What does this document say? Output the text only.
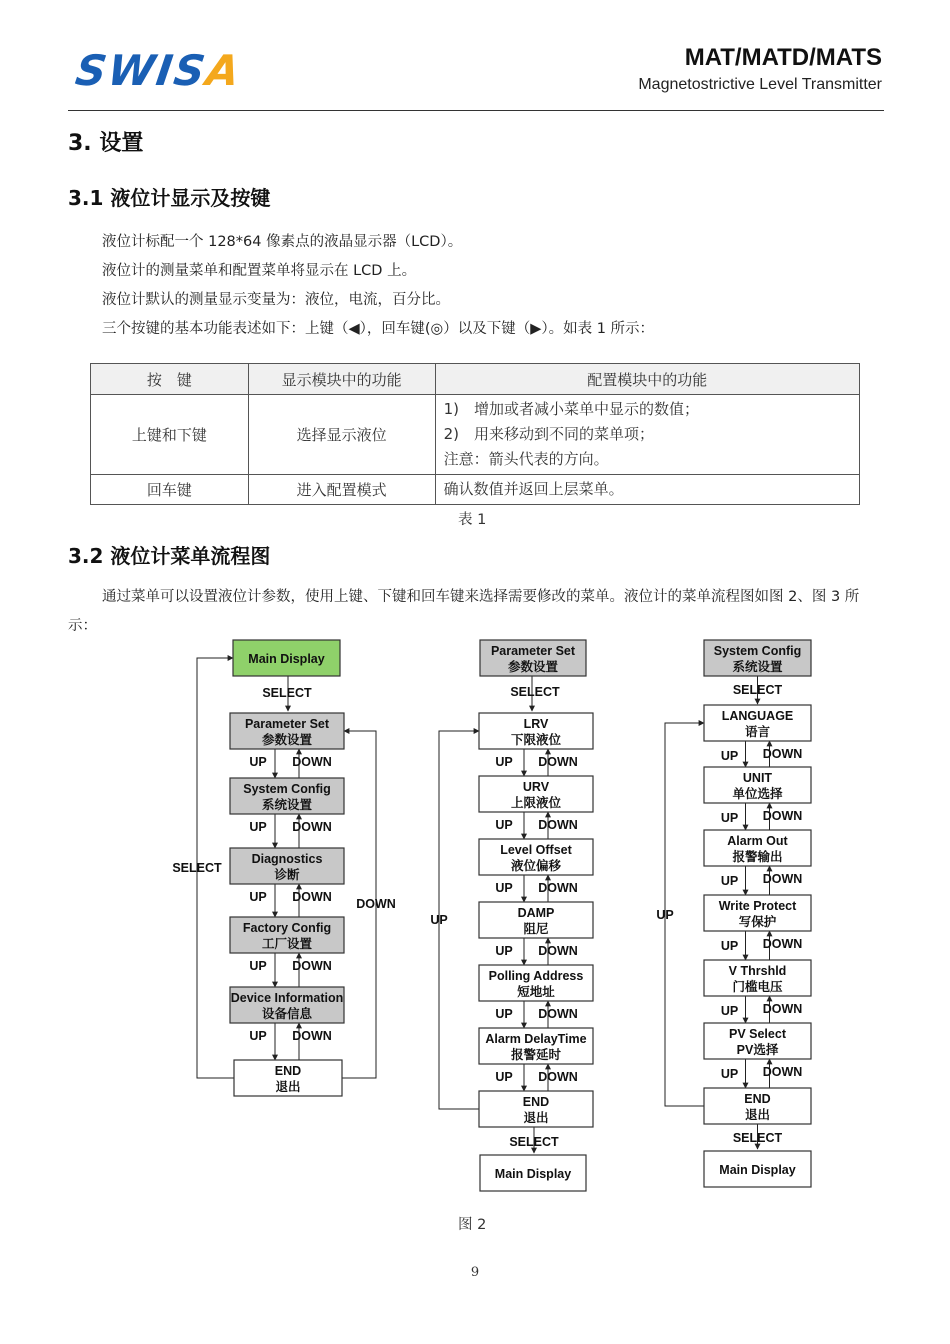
SWISA	MAT/MATD/MATS
Magnetostrictive Level Transmitter
3. 设置
3.1 液位计显示及按键
液位计标配一个 128*64 像素点的液晶显示器（LCD）。
液位计的测量菜单和配置菜单将显示在 LCD 上。
液位计默认的测量显示变量为：液位，电流，百分比。
三个按键的基本功能表述如下：上键（◀），回车键(◎）以及下键（▶）。如表 1 所示：
按　键	显示模块中的功能	配置模块中的功能
上键和下键	选择显示液位	1)　增加或者减小菜单中显示的数值；
2)　用来移动到不同的菜单项；
注意：箭头代表的方向。

回车键	进入配置模式	确认数值并返回上层菜单。
表 1
3.2 液位计菜单流程图
通过菜单可以设置液位计参数，使用上键、下键和回车键来选择需要修改的菜单。液位计的菜单流程图如图 2、图 3 所示：
Main Display
Parameter Set
参数设置
System Config
系统设置
Diagnostics
诊断
Factory Config
工厂设置
Device Information
设备信息
END
退出
Parameter Set
参数设置
LRV
下限液位
URV
上限液位
Level Offset
液位偏移
DAMP
阻尼
Polling Address
短地址
Alarm DelayTime
报警延时
END
退出
Main Display
System Config
系统设置
LANGUAGE
语言
UNIT
单位选择
Alarm Out
报警输出
Write Protect
写保护
V Thrshld
门槛电压
PV Select
PV选择
END
退出
Main Display
SELECT
UP DOWN
UP DOWN
UP DOWN
UP DOWN
UP DOWN
SELECT
DOWN
SELECT
UP DOWN
UP DOWN
UP DOWN
UP DOWN
UP DOWN
UP DOWN
UP
SELECT
SELECT
UP DOWN
UP DOWN
UP DOWN
UP DOWN
UP DOWN
UP DOWN
UP
SELECT
图 2
9
